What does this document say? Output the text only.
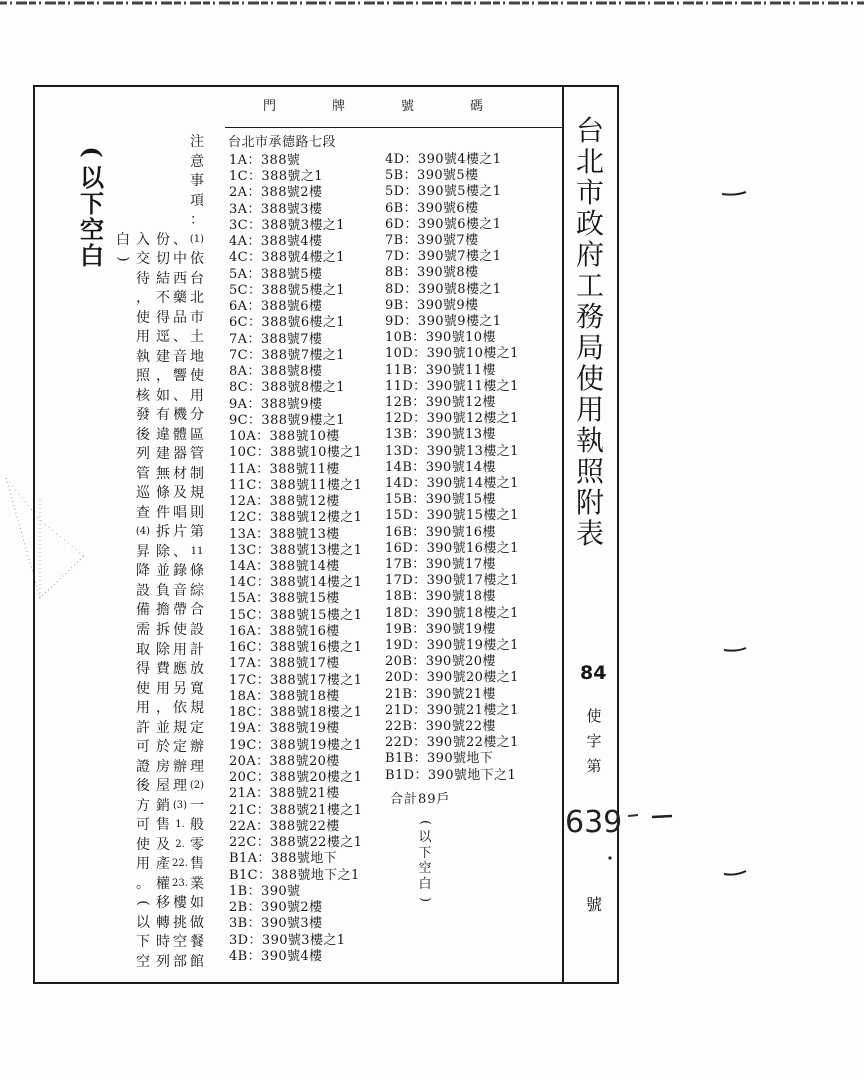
門牌號碼
(
以
下
空
白
注
意
事
項
：
(1)
依
台
北
市
土
地
使
用
分
區
管
制
規
則
第
11
條
綜
合
設
計
放
寬
規
定
辦
理
(2)
一
般
零
售
業
如
做
餐
館
、
中
西
藥
品
、
音
響
、
機
體
器
材
及
唱
片
、
錄
音
帶
使
用
應
另
依
規
定
辦
理
(3)
1.
2.
22.
23.
樓
挑
空
部
份
切
結
不
得
逕
建
，
如
有
違
建
無
條
件
拆
除
並
負
擔
拆
除
費
用
，
並
於
房
屋
銷
售
及
產
權
移
轉
時
列
入
交
待
，
使
用
執
照
核
發
後
列
管
巡
查
(4)
昇
降
設
備
需
取
得
使
用
許
可
證
後
方
可
使
用
。
(
以
下
空
白
)
台北市承德路七段
1A：388號
1C：388號之1
2A：388號2樓
3A：388號3樓
3C：388號3樓之1
4A：388號4樓
4C：388號4樓之1
5A：388號5樓
5C：388號5樓之1
6A：388號6樓
6C：388號6樓之1
7A：388號7樓
7C：388號7樓之1
8A：388號8樓
8C：388號8樓之1
9A：388號9樓
9C：388號9樓之1
10A：388號10樓
10C：388號10樓之1
11A：388號11樓
11C：388號11樓之1
12A：388號12樓
12C：388號12樓之1
13A：388號13樓
13C：388號13樓之1
14A：388號14樓
14C：388號14樓之1
15A：388號15樓
15C：388號15樓之1
16A：388號16樓
16C：388號16樓之1
17A：388號17樓
17C：388號17樓之1
18A：388號18樓
18C：388號18樓之1
19A：388號19樓
19C：388號19樓之1
20A：388號20樓
20C：388號20樓之1
21A：388號21樓
21C：388號21樓之1
22A：388號22樓
22C：388號22樓之1
B1A：388號地下
B1C：388號地下之1
1B：390號
2B：390號2樓
3B：390號3樓
3D：390號3樓之1
4B：390號4樓
4D：390號4樓之1
5B：390號5樓
5D：390號5樓之1
6B：390號6樓
6D：390號6樓之1
7B：390號7樓
7D：390號7樓之1
8B：390號8樓
8D：390號8樓之1
9B：390號9樓
9D：390號9樓之1
10B：390號10樓
10D：390號10樓之1
11B：390號11樓
11D：390號11樓之1
12B：390號12樓
12D：390號12樓之1
13B：390號13樓
13D：390號13樓之1
14B：390號14樓
14D：390號14樓之1
15B：390號15樓
15D：390號15樓之1
16B：390號16樓
16D：390號16樓之1
17B：390號17樓
17D：390號17樓之1
18B：390號18樓
18D：390號18樓之1
19B：390號19樓
19D：390號19樓之1
20B：390號20樓
20D：390號20樓之1
21B：390號21樓
21D：390號21樓之1
22B：390號22樓
22D：390號22樓之1
B1B：390號地下
B1D：390號地下之1
合計89戶
(
以
下
空
白
)
台
北
市
政
府
工
務
局
使
用
執
照
附
表
84
使
字
第
639
號
